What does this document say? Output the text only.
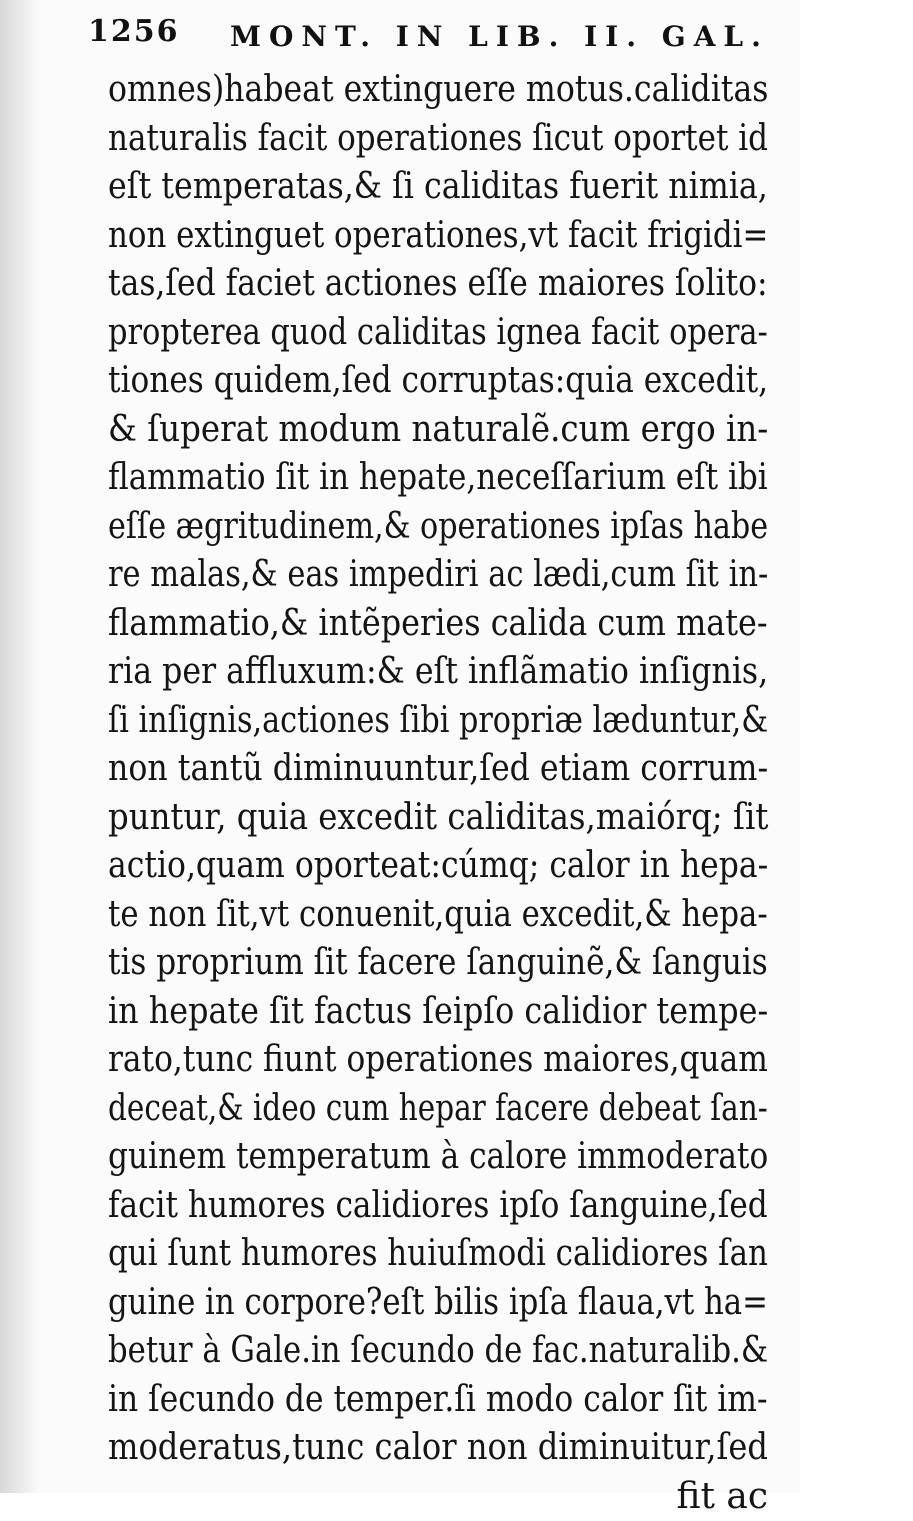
1256 MONT. IN LIB. II. GAL.
omnes)habeat extinguere motus.caliditas
naturalis facit operationes ſicut oportet id
eſt temperatas,& ſi caliditas fuerit nimia,
non extinguet operationes,vt facit frigidi=
tas,ſed faciet actiones eſſe maiores ſolito:
propterea quod caliditas ignea facit opera-
tiones quidem,ſed corruptas:quia excedit,
& ſuperat modum naturalẽ.cum ergo in-
flammatio ſit in hepate,neceſſarium eſt ibi
eſſe ægritudinem,& operationes ipſas habe
re malas,& eas impediri ac lædi,cum ſit in-
flammatio,& intẽperies calida cum mate-
ria per affluxum:& eſt inflãmatio inſignis,
ſi inſignis,actiones ſibi propriæ læduntur,&
non tantũ diminuuntur,ſed etiam corrum-
puntur, quia excedit caliditas,maiórq; ſit
actio,quam oporteat:cúmq; calor in hepa-
te non ſit,vt conuenit,quia excedit,& hepa-
tis proprium ſit facere ſanguinẽ,& ſanguis
in hepate ſit factus ſeipſo calidior tempe-
rato,tunc fiunt operationes maiores,quam
deceat,& ideo cum hepar facere debeat ſan-
guinem temperatum à calore immoderato
facit humores calidiores ipſo ſanguine,ſed
qui ſunt humores huiuſmodi calidiores ſan
guine in corpore?eſt bilis ipſa flaua,vt ha=
betur à Gale.in ſecundo de fac.naturalib.&
in ſecundo de temper.ſi modo calor ſit im-
moderatus,tunc calor non diminuitur,ſed
fit ac
